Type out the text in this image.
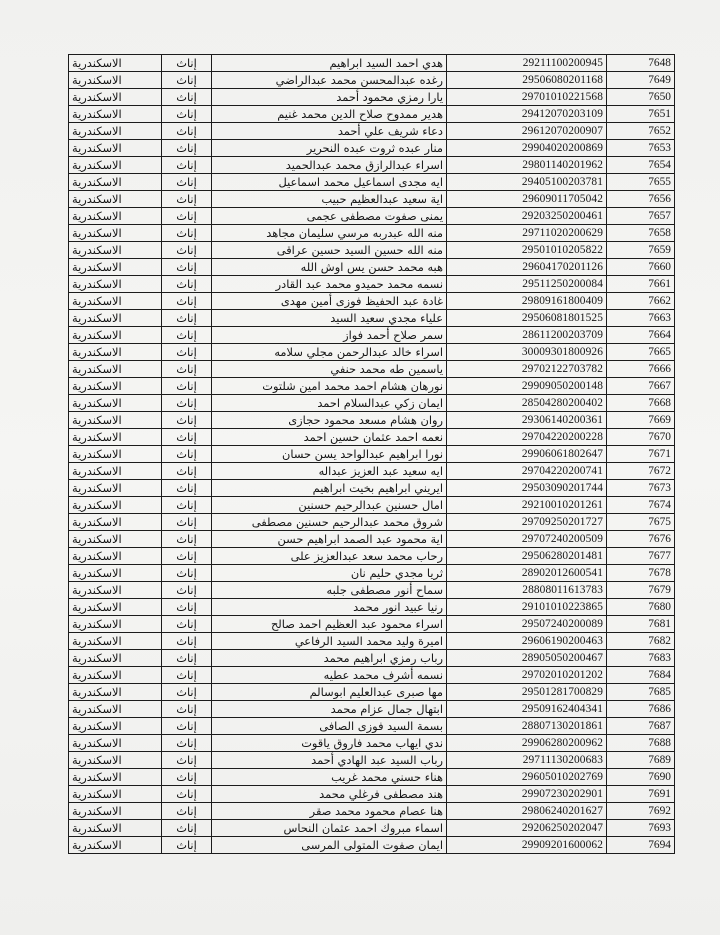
الاسكندرية	إناث	هدي احمد السيد ابراهيم	29211100200945	7648
الاسكندرية	إناث	رغده عبدالمحسن محمد عبدالراضي	29506080201168	7649
الاسكندرية	إناث	يارا رمزي محمود أحمد	29701010221568	7650
الاسكندرية	إناث	هدير ممدوح صلاح الدين محمد غنيم	29412070203109	7651
الاسكندرية	إناث	دعاء شريف علي أحمد	29612070200907	7652
الاسكندرية	إناث	منار عبده ثروت عبده النحرير	29904020200869	7653
الاسكندرية	إناث	اسراء عبدالرازق محمد عبدالحميد	29801140201962	7654
الاسكندرية	إناث	ايه مجدى اسماعيل محمد اسماعيل	29405100203781	7655
الاسكندرية	إناث	اية سعيد عبدالعظيم حبيب	29609011705042	7656
الاسكندرية	إناث	يمنى صفوت مصطفى عجمى	29203250200461	7657
الاسكندرية	إناث	منه الله عبدربه مرسي سليمان مجاهد	29711020200629	7658
الاسكندرية	إناث	منه الله حسين السيد حسين عراقى	29501010205822	7659
الاسكندرية	إناث	هبه محمد حسن يس اوش الله	29604170201126	7660
الاسكندرية	إناث	نسمه محمد حميدو محمد عبد القادر	29511250200084	7661
الاسكندرية	إناث	غادة عبد الحفيظ فوزى أمين مهدى	29809161800409	7662
الاسكندرية	إناث	علياء مجدي سعيد السيد	29506081801525	7663
الاسكندرية	إناث	سمر صلاح أحمد فواز	28611200203709	7664
الاسكندرية	إناث	اسراء خالد عبدالرحمن مجلي سلامه	30009301800926	7665
الاسكندرية	إناث	ياسمين طه محمد حنفي	29702122703782	7666
الاسكندرية	إناث	نورهان هشام احمد محمد امين شلتوت	29909050200148	7667
الاسكندرية	إناث	ايمان زكي عبدالسلام احمد	28504280200402	7668
الاسكندرية	إناث	روان هشام مسعد محمود حجازى	29306140200361	7669
الاسكندرية	إناث	نعمه احمد عثمان حسين احمد	29704220200228	7670
الاسكندرية	إناث	نورا ابراهيم عبدالواحد يسن حسان	29906061802647	7671
الاسكندرية	إناث	ايه سعيد عبد العزيز عبداله	29704220200741	7672
الاسكندرية	إناث	ايريني ابراهيم بخيت ابراهيم	29503090201744	7673
الاسكندرية	إناث	امال حسنين عبدالرحيم حسنين	29210010201261	7674
الاسكندرية	إناث	شروق محمد عبدالرحيم حسنين مصطفى	29709250201727	7675
الاسكندرية	إناث	اية محمود عبد الصمد ابراهيم حسن	29707240200509	7676
الاسكندرية	إناث	رحاب محمد سعد عبدالعزيز على	29506280201481	7677
الاسكندرية	إناث	ثريا مجدي حليم نان	28902012600541	7678
الاسكندرية	إناث	سماح أنور مصطفى جلبه	28808011613783	7679
الاسكندرية	إناث	رنيا عبيد انور محمد	29101010223865	7680
الاسكندرية	إناث	اسراء محمود عبد العظيم احمد صالح	29507240200089	7681
الاسكندرية	إناث	اميرة وليد محمد السيد الرفاعي	29606190200463	7682
الاسكندرية	إناث	رباب رمزي ابراهيم محمد	28905050200467	7683
الاسكندرية	إناث	نسمه أشرف محمد عطيه	29702010201202	7684
الاسكندرية	إناث	مها صبرى عبدالعليم ابوسالم	29501281700829	7685
الاسكندرية	إناث	ابتهال جمال عزام محمد	29509162404341	7686
الاسكندرية	إناث	بسمة السيد فوزى الصافى	28807130201861	7687
الاسكندرية	إناث	ندي ايهاب محمد فاروق ياقوت	29906280200962	7688
الاسكندرية	إناث	رباب السيد عبد الهادي أحمد	29711130200683	7689
الاسكندرية	إناث	هناء حسني محمد غريب	29605010202769	7690
الاسكندرية	إناث	هند مصطفى فرغلي محمد	29907230202901	7691
الاسكندرية	إناث	هنا عصام محمود محمد صقر	29806240201627	7692
الاسكندرية	إناث	اسماء مبروك احمد عثمان النحاس	29206250202047	7693
الاسكندرية	إناث	ايمان صفوت المتولى المرسى	29909201600062	7694
